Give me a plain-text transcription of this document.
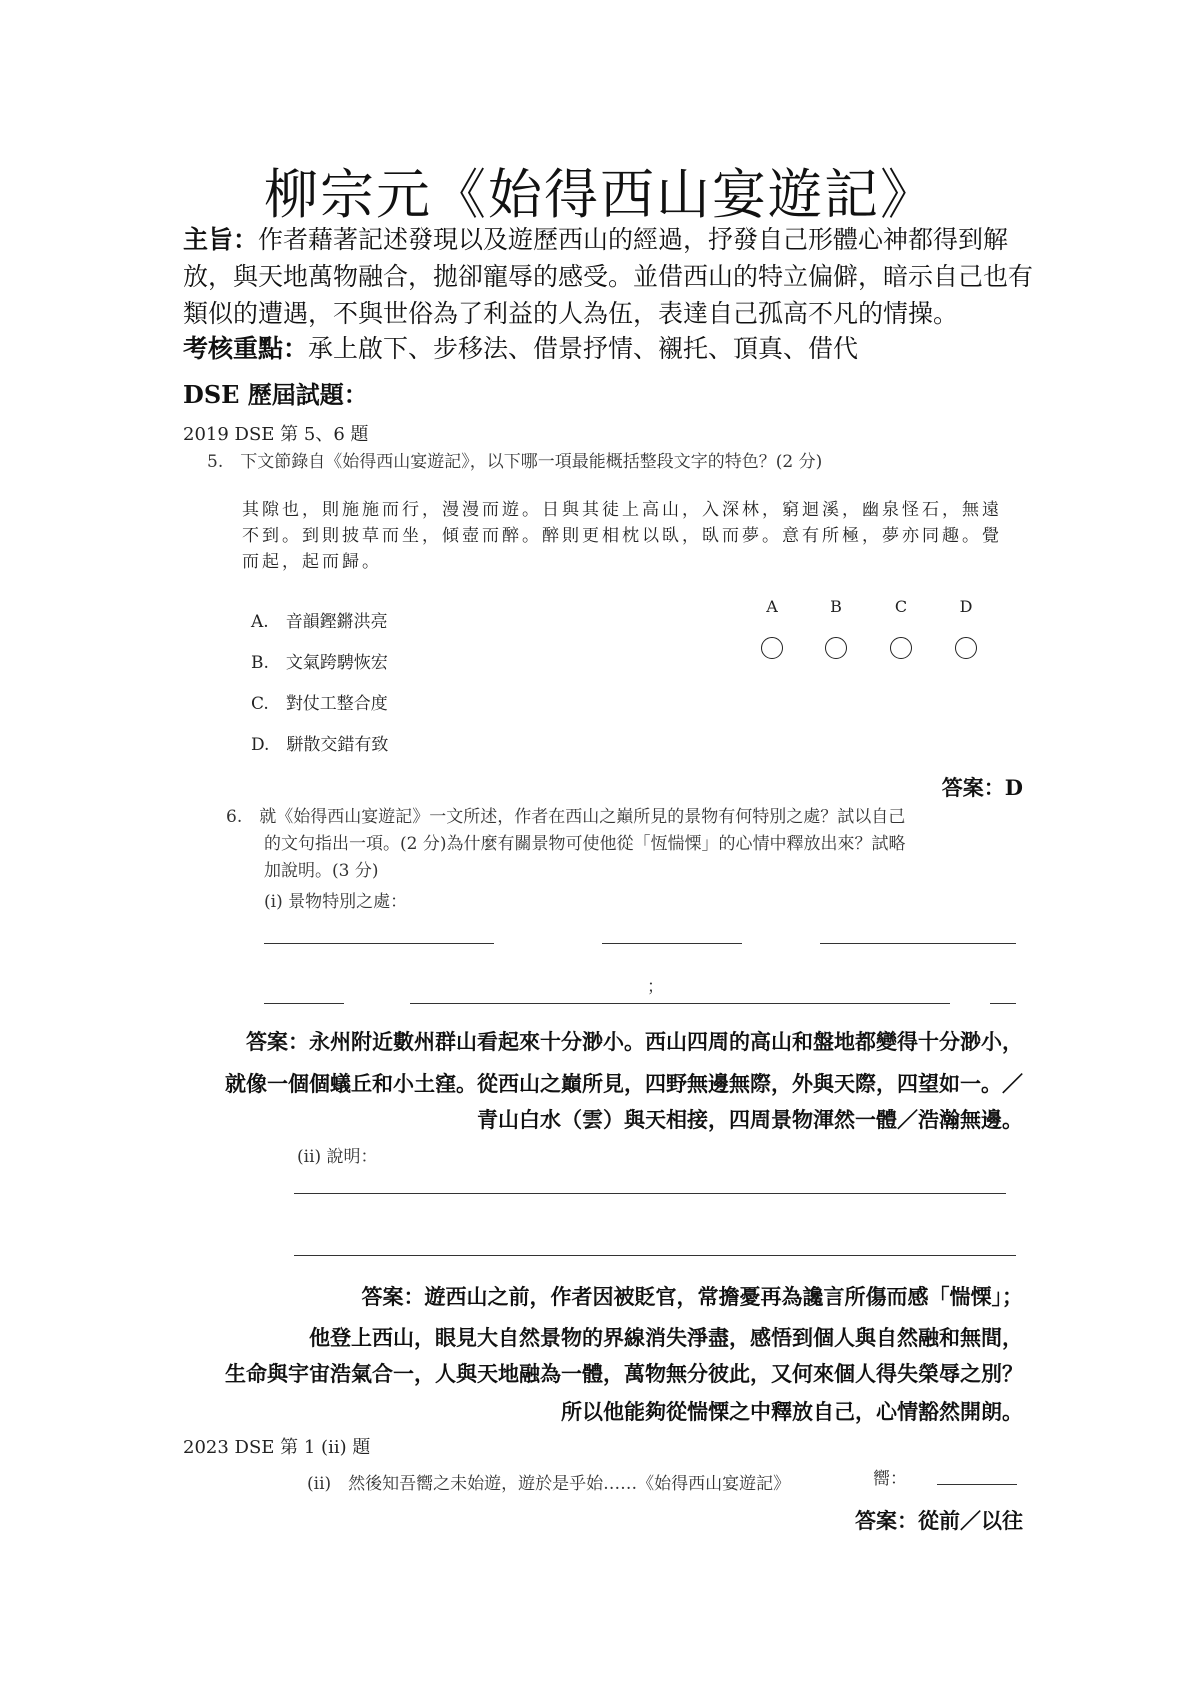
柳宗元《始得西山宴遊記》
主旨：作者藉著記述發現以及遊歷西山的經過，抒發自己形體心神都得到解
放，與天地萬物融合，拋卻寵辱的感受。並借西山的特立偏僻，暗示自己也有
類似的遭遇，不與世俗為了利益的人為伍，表達自己孤高不凡的情操。
考核重點：承上啟下、步移法、借景抒情、襯托、頂真、借代
DSE 歷屆試題：
2019 DSE 第 5、6 題
5.　下文節錄自《始得西山宴遊記》，以下哪一項最能概括整段文字的特色？(2 分)
其隙也，則施施而行，漫漫而遊。日與其徒上高山，入深林，窮迴溪，幽泉怪石，無遠不到。到則披草而坐，傾壺而醉。醉則更相枕以臥，臥而夢。意有所極，夢亦同趣。覺而起，起而歸。
A.　 音韻鏗鏘洪亮
B.　 文氣跨騁恢宏
C.　 對仗工整合度
D.　 駢散交錯有致
A	B	C	D
答案：D
6.　就《始得西山宴遊記》一文所述，作者在西山之巔所見的景物有何特別之處？試以自己
的文句指出一項。(2 分)為什麼有關景物可使他從「恆惴慄」的心情中釋放出來？試略
加說明。(3 分)
(i) 景物特別之處：
；
答案：永州附近數州群山看起來十分渺小。西山四周的高山和盤地都變得十分渺小，
就像一個個蟻丘和小土窪。從西山之巔所見，四野無邊無際，外與天際，四望如一。／
青山白水（雲）與天相接，四周景物渾然一體／浩瀚無邊。
(ii) 說明：
答案：遊西山之前，作者因被貶官，常擔憂再為讒言所傷而感「惴慄」；
他登上西山，眼見大自然景物的界線消失淨盡，感悟到個人與自然融和無間，
生命與宇宙浩氣合一，人與天地融為一體，萬物無分彼此，又何來個人得失榮辱之別？
所以他能夠從惴慄之中釋放自己，心情豁然開朗。
2023 DSE 第 1 (ii) 題
(ii)　然後知吾嚮之未始遊，遊於是乎始……《始得西山宴遊記》	嚮：
答案：從前／以往
